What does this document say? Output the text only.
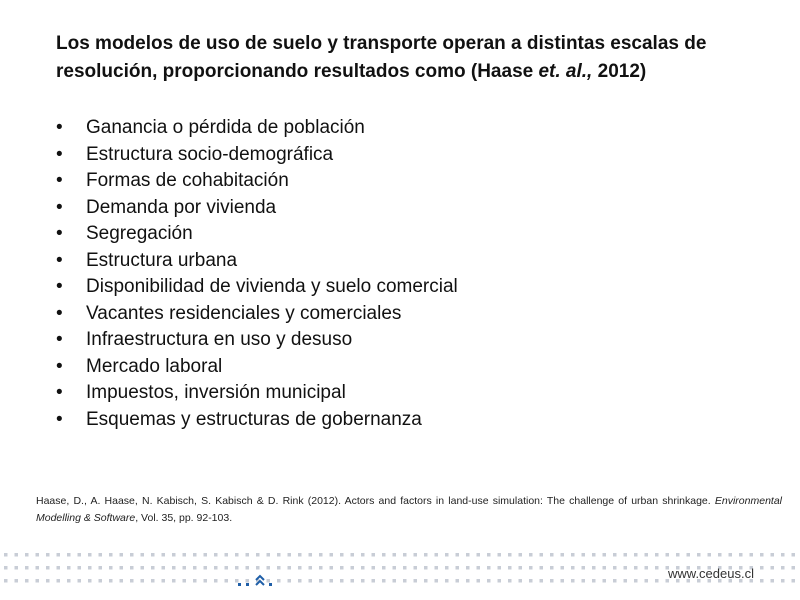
Los modelos de uso de suelo y transporte operan a distintas escalas de resolución, proporcionando resultados como (Haase et. al., 2012)
•	Ganancia o pérdida de población
•	Estructura socio-demográfica
•	Formas de cohabitación
•	Demanda por vivienda
•	Segregación
•	Estructura urbana
•	Disponibilidad de vivienda y suelo comercial
•	Vacantes residenciales y comerciales
•	Infraestructura en uso y desuso
•	Mercado laboral
•	Impuestos, inversión municipal
•	Esquemas y estructuras de gobernanza
Haase, D., A. Haase, N. Kabisch, S. Kabisch & D. Rink (2012). Actors and factors in land-use simulation: The challenge of urban shrinkage. Environmental Modelling & Software, Vol. 35, pp. 92-103.
www.cedeus.cl
